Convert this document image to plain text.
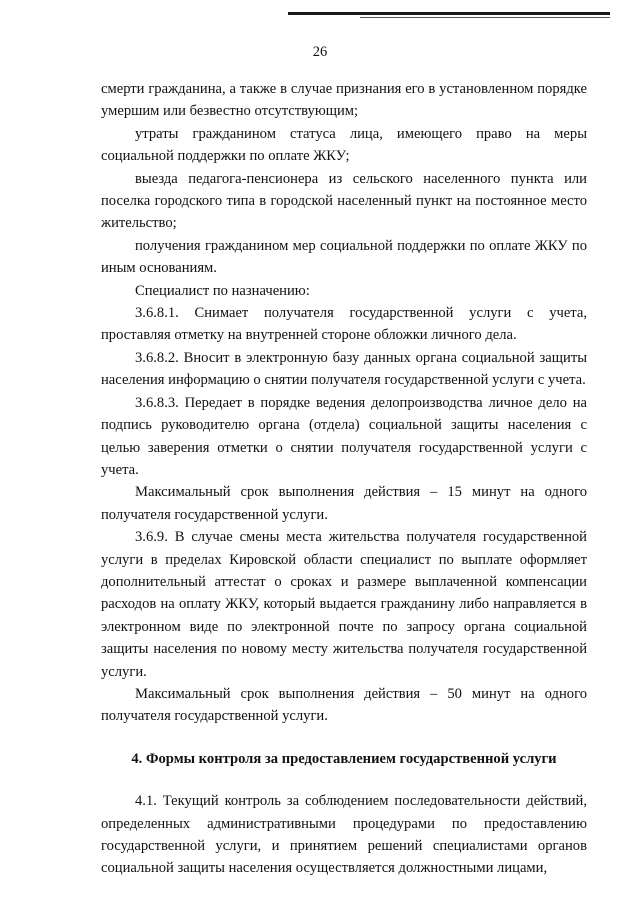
26

смерти гражданина, а также в случае признания его в установленном порядке умершим или безвестно отсутствующим;

утраты гражданином статуса лица, имеющего право на меры социальной поддержки по оплате ЖКУ;

выезда педагога-пенсионера из сельского населенного пункта или поселка городского типа в городской населенный пункт на постоянное место жительство;

получения гражданином мер социальной поддержки по оплате ЖКУ по иным основаниям.

Специалист по назначению:

3.6.8.1. Снимает получателя государственной услуги с учета, проставляя отметку на внутренней стороне обложки личного дела.

3.6.8.2. Вносит в электронную базу данных органа социальной защиты населения информацию о снятии получателя государственной услуги с учета.

3.6.8.3. Передает в порядке ведения делопроизводства личное дело на подпись руководителю органа (отдела) социальной защиты населения с целью заверения отметки о снятии получателя государственной услуги с учета.

Максимальный срок выполнения действия – 15 минут на одного получателя государственной услуги.

3.6.9. В случае смены места жительства получателя государственной услуги в пределах Кировской области специалист по выплате оформляет дополнительный аттестат о сроках и размере выплаченной компенсации расходов на оплату ЖКУ, который выдается гражданину либо направляется в электронном виде по электронной почте по запросу органа социальной защиты населения по новому месту жительства получателя государственной услуги.

Максимальный срок выполнения действия – 50 минут на одного получателя государственной услуги.

4. Формы контроля за предоставлением государственной услуги

4.1. Текущий контроль за соблюдением последовательности действий, определенных административными процедурами по предоставлению государственной услуги, и принятием решений специалистами органов социальной защиты населения осуществляется должностными лицами,
